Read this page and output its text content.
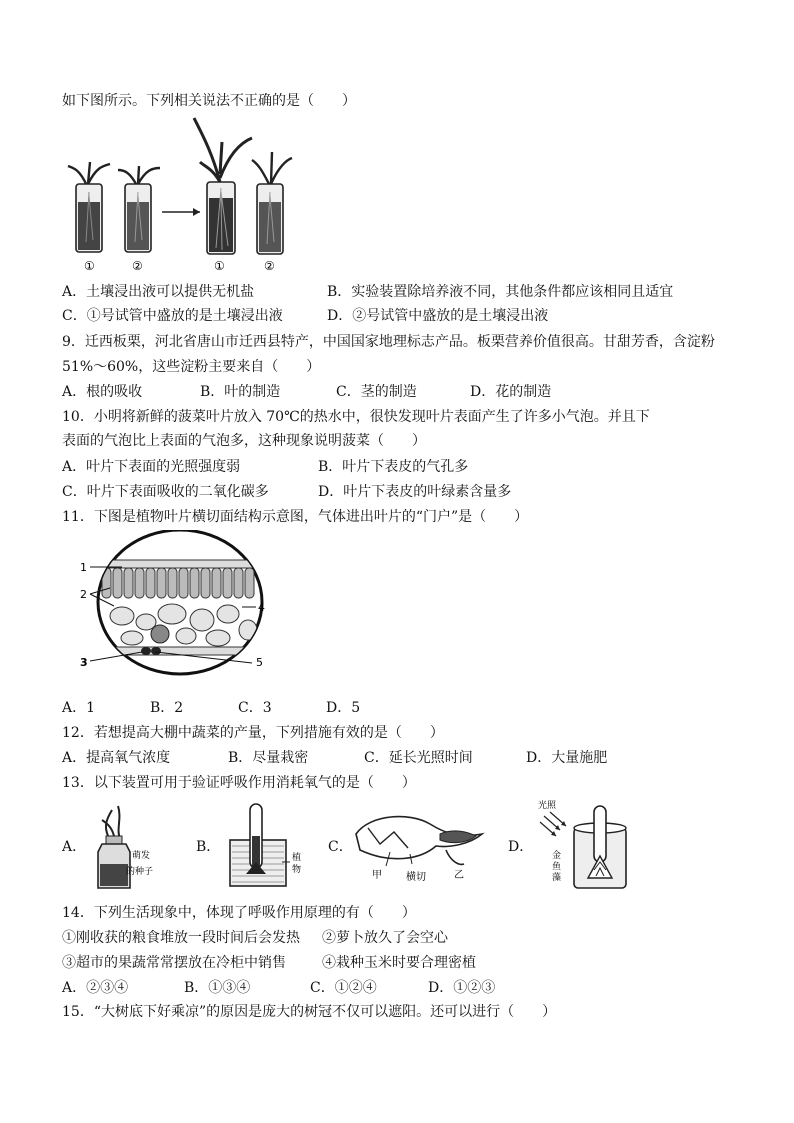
如下图所示。下列相关说法不正确的是（　　）
①	②	①	②
A．土壤浸出液可以提供无机盐	B．实验装置除培养液不同，其他条件都应该相同且适宜
C．①号试管中盛放的是土壤浸出液	D．②号试管中盛放的是土壤浸出液
9．迁西板栗，河北省唐山市迁西县特产，中国国家地理标志产品。板栗营养价值很高。甘甜芳香，含淀粉
51%～60%，这些淀粉主要来自（　　）
A．根的吸收	B．叶的制造	C．茎的制造	D．花的制造
10．小明将新鲜的菠菜叶片放入 70℃的热水中，很快发现叶片表面产生了许多小气泡。并且下
表面的气泡比上表面的气泡多，这种现象说明菠菜（　　）
A．叶片下表面的光照强度弱	B．叶片下表皮的气孔多
C．叶片下表面吸收的二氧化碳多	D．叶片下表皮的叶绿素含量多
11．下图是植物叶片横切面结构示意图，气体进出叶片的“门户”是（　　）
1
2
3
4
5
A．1	B．2	C．3	D．5
12．若想提高大棚中蔬菜的产量，下列措施有效的是（　　）
A．提高氧气浓度	B．尽量栽密	C．延长光照时间	D．大量施肥
13．以下装置可用于验证呼吸作用消耗氧气的是（　　）
A．
萌发
的种子
B．
植
物
C．
甲 横切	乙
D．
光照
金
鱼
藻
14．下列生活现象中，体现了呼吸作用原理的有（　　）
①刚收获的粮食堆放一段时间后会发热 ②萝卜放久了会空心
③超市的果蔬常常摆放在冷柜中销售	④栽种玉米时要合理密植
A．②③④	B．①③④	C．①②④	D．①②③
15．“大树底下好乘凉”的原因是庞大的树冠不仅可以遮阳。还可以进行（　　）
